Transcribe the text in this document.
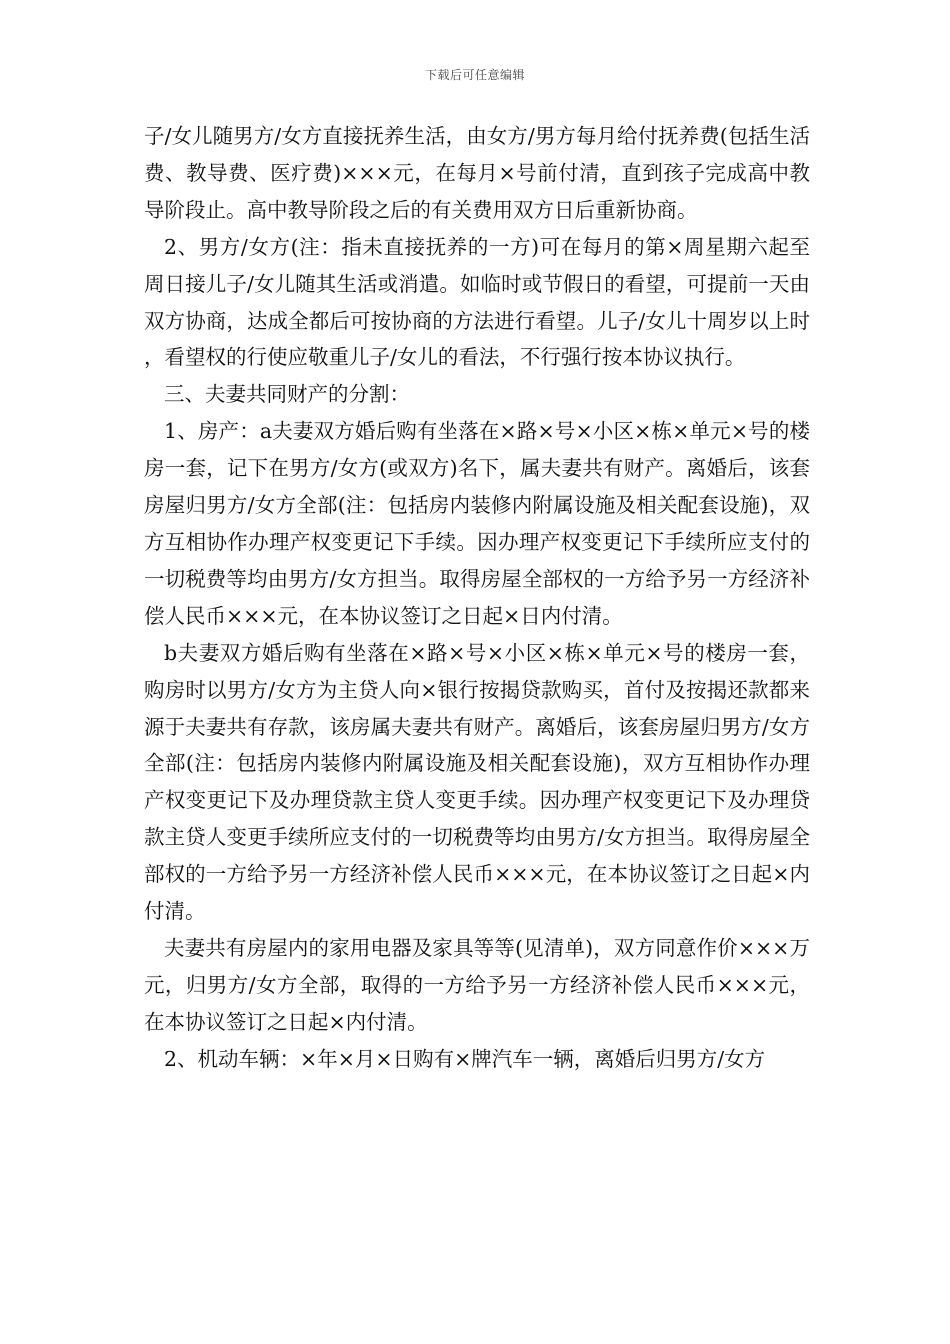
下载后可任意编辑

子/女儿随男方/女方直接抚养生活，由女方/男方每月给付抚养费(包括生活费、教导费、医疗费)×××元，在每月×号前付清，直到孩子完成高中教导阶段止。高中教导阶段之后的有关费用双方日后重新协商。

2、男方/女方(注：指未直接抚养的一方)可在每月的第×周星期六起至周日接儿子/女儿随其生活或消遣。如临时或节假日的看望，可提前一天由双方协商，达成全都后可按协商的方法进行看望。儿子/女儿十周岁以上时，看望权的行使应敬重儿子/女儿的看法，不行强行按本协议执行。

三、夫妻共同财产的分割：

1、房产：a夫妻双方婚后购有坐落在×路×号×小区×栋×单元×号的楼房一套，记下在男方/女方(或双方)名下，属夫妻共有财产。离婚后，该套房屋归男方/女方全部(注：包括房内装修内附属设施及相关配套设施)，双方互相协作办理产权变更记下手续。因办理产权变更记下手续所应支付的一切税费等均由男方/女方担当。取得房屋全部权的一方给予另一方经济补偿人民币×××元，在本协议签订之日起×日内付清。

b夫妻双方婚后购有坐落在×路×号×小区×栋×单元×号的楼房一套，购房时以男方/女方为主贷人向×银行按揭贷款购买，首付及按揭还款都来源于夫妻共有存款，该房属夫妻共有财产。离婚后，该套房屋归男方/女方全部(注：包括房内装修内附属设施及相关配套设施)，双方互相协作办理产权变更记下及办理贷款主贷人变更手续。因办理产权变更记下及办理贷款主贷人变更手续所应支付的一切税费等均由男方/女方担当。取得房屋全部权的一方给予另一方经济补偿人民币×××元，在本协议签订之日起×内付清。

夫妻共有房屋内的家用电器及家具等等(见清单)，双方同意作价×××万元，归男方/女方全部，取得的一方给予另一方经济补偿人民币×××元，在本协议签订之日起×内付清。

2、机动车辆：×年×月×日购有×牌汽车一辆，离婚后归男方/女方
